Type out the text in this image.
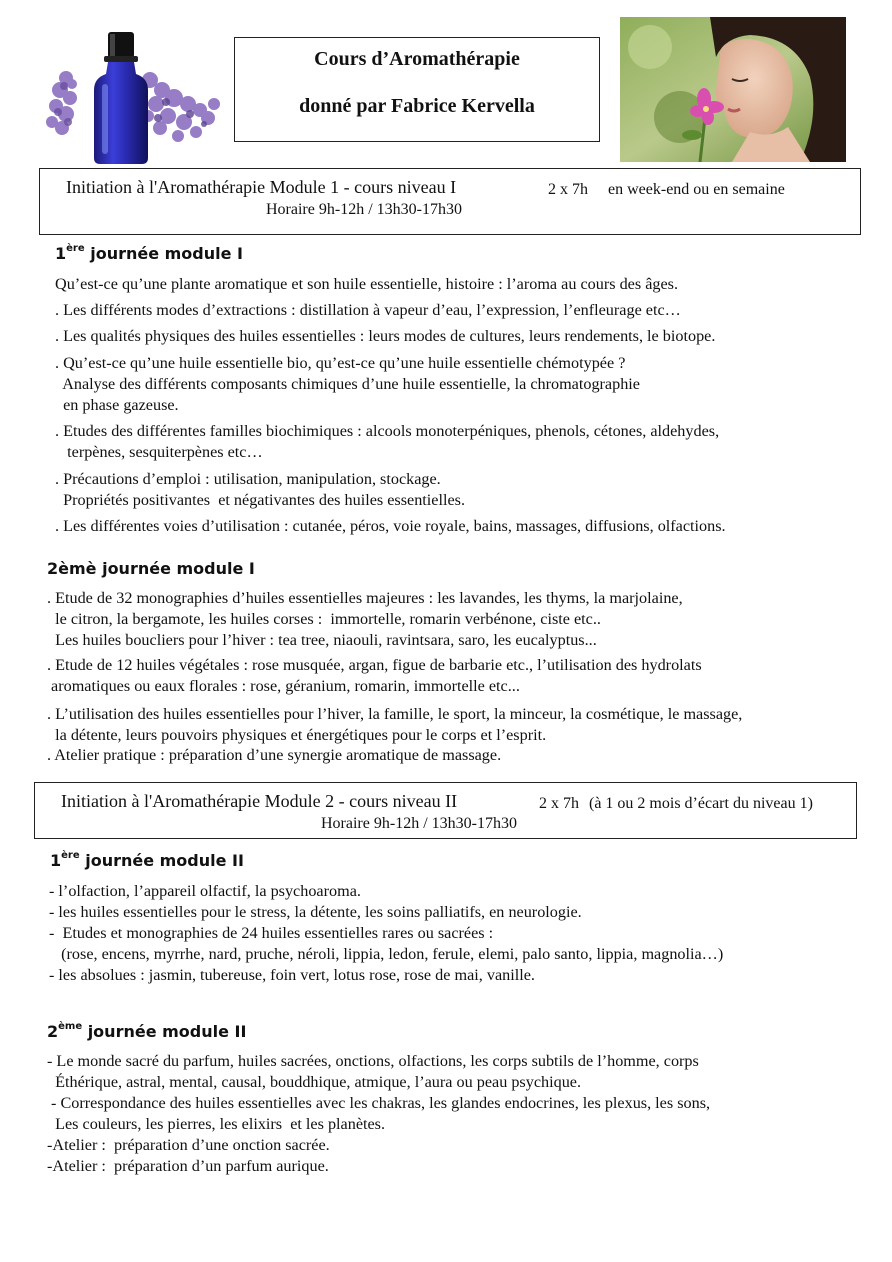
Cours d’Aromathérapie
donné par Fabrice Kervella
Initiation à l'Aromathérapie Module 1 - cours niveau I	2 x 7h en week-end ou en semaine
Horaire 9h-12h / 13h30-17h30
1ère journée module I
Qu’est-ce qu’une plante aromatique et son huile essentielle, histoire : l’aroma au cours des âges.
. Les différents modes d’extractions : distillation à vapeur d’eau, l’expression, l’enfleurage etc…
. Les qualités physiques des huiles essentielles : leurs modes de cultures, leurs rendements, le biotope.
. Qu’est-ce qu’une huile essentielle bio, qu’est-ce qu’une huile essentielle chémotypée ?
Analyse des différents composants chimiques d’une huile essentielle, la chromatographie
en phase gazeuse.
. Etudes des différentes familles biochimiques : alcools monoterpéniques, phenols, cétones, aldehydes,
terpènes, sesquiterpènes etc…
. Précautions d’emploi : utilisation, manipulation, stockage.
Propriétés positivantes  et négativantes des huiles essentielles.
. Les différentes voies d’utilisation : cutanée, péros, voie royale, bains, massages, diffusions, olfactions.
2èmè journée module I
. Etude de 32 monographies d’huiles essentielles majeures : les lavandes, les thyms, la marjolaine,
le citron, la bergamote, les huiles corses :  immortelle, romarin verbénone, ciste etc..
Les huiles boucliers pour l’hiver : tea tree, niaouli, ravintsara, saro, les eucalyptus...
. Etude de 12 huiles végétales : rose musquée, argan, figue de barbarie etc., l’utilisation des hydrolats
aromatiques ou eaux florales : rose, géranium, romarin, immortelle etc...
. L’utilisation des huiles essentielles pour l’hiver, la famille, le sport, la minceur, la cosmétique, le massage,
la détente, leurs pouvoirs physiques et énergétiques pour le corps et l’esprit.
. Atelier pratique : préparation d’une synergie aromatique de massage.
Initiation à l'Aromathérapie Module 2 - cours niveau II	2 x 7h (à 1 ou 2 mois d’écart du niveau 1)
Horaire 9h-12h / 13h30-17h30
1ère journée module II
- l’olfaction, l’appareil olfactif, la psychoaroma.
- les huiles essentielles pour le stress, la détente, les soins palliatifs, en neurologie.
-  Etudes et monographies de 24 huiles essentielles rares ou sacrées :
(rose, encens, myrrhe, nard, pruche, néroli, lippia, ledon, ferule, elemi, palo santo, lippia, magnolia…)
- les absolues : jasmin, tubereuse, foin vert, lotus rose, rose de mai, vanille.
2ème journée module II
- Le monde sacré du parfum, huiles sacrées, onctions, olfactions, les corps subtils de l’homme, corps
Éthérique, astral, mental, causal, bouddhique, atmique, l’aura ou peau psychique.
- Correspondance des huiles essentielles avec les chakras, les glandes endocrines, les plexus, les sons,
Les couleurs, les pierres, les elixirs  et les planètes.
-Atelier :  préparation d’une onction sacrée.
-Atelier :  préparation d’un parfum aurique.
